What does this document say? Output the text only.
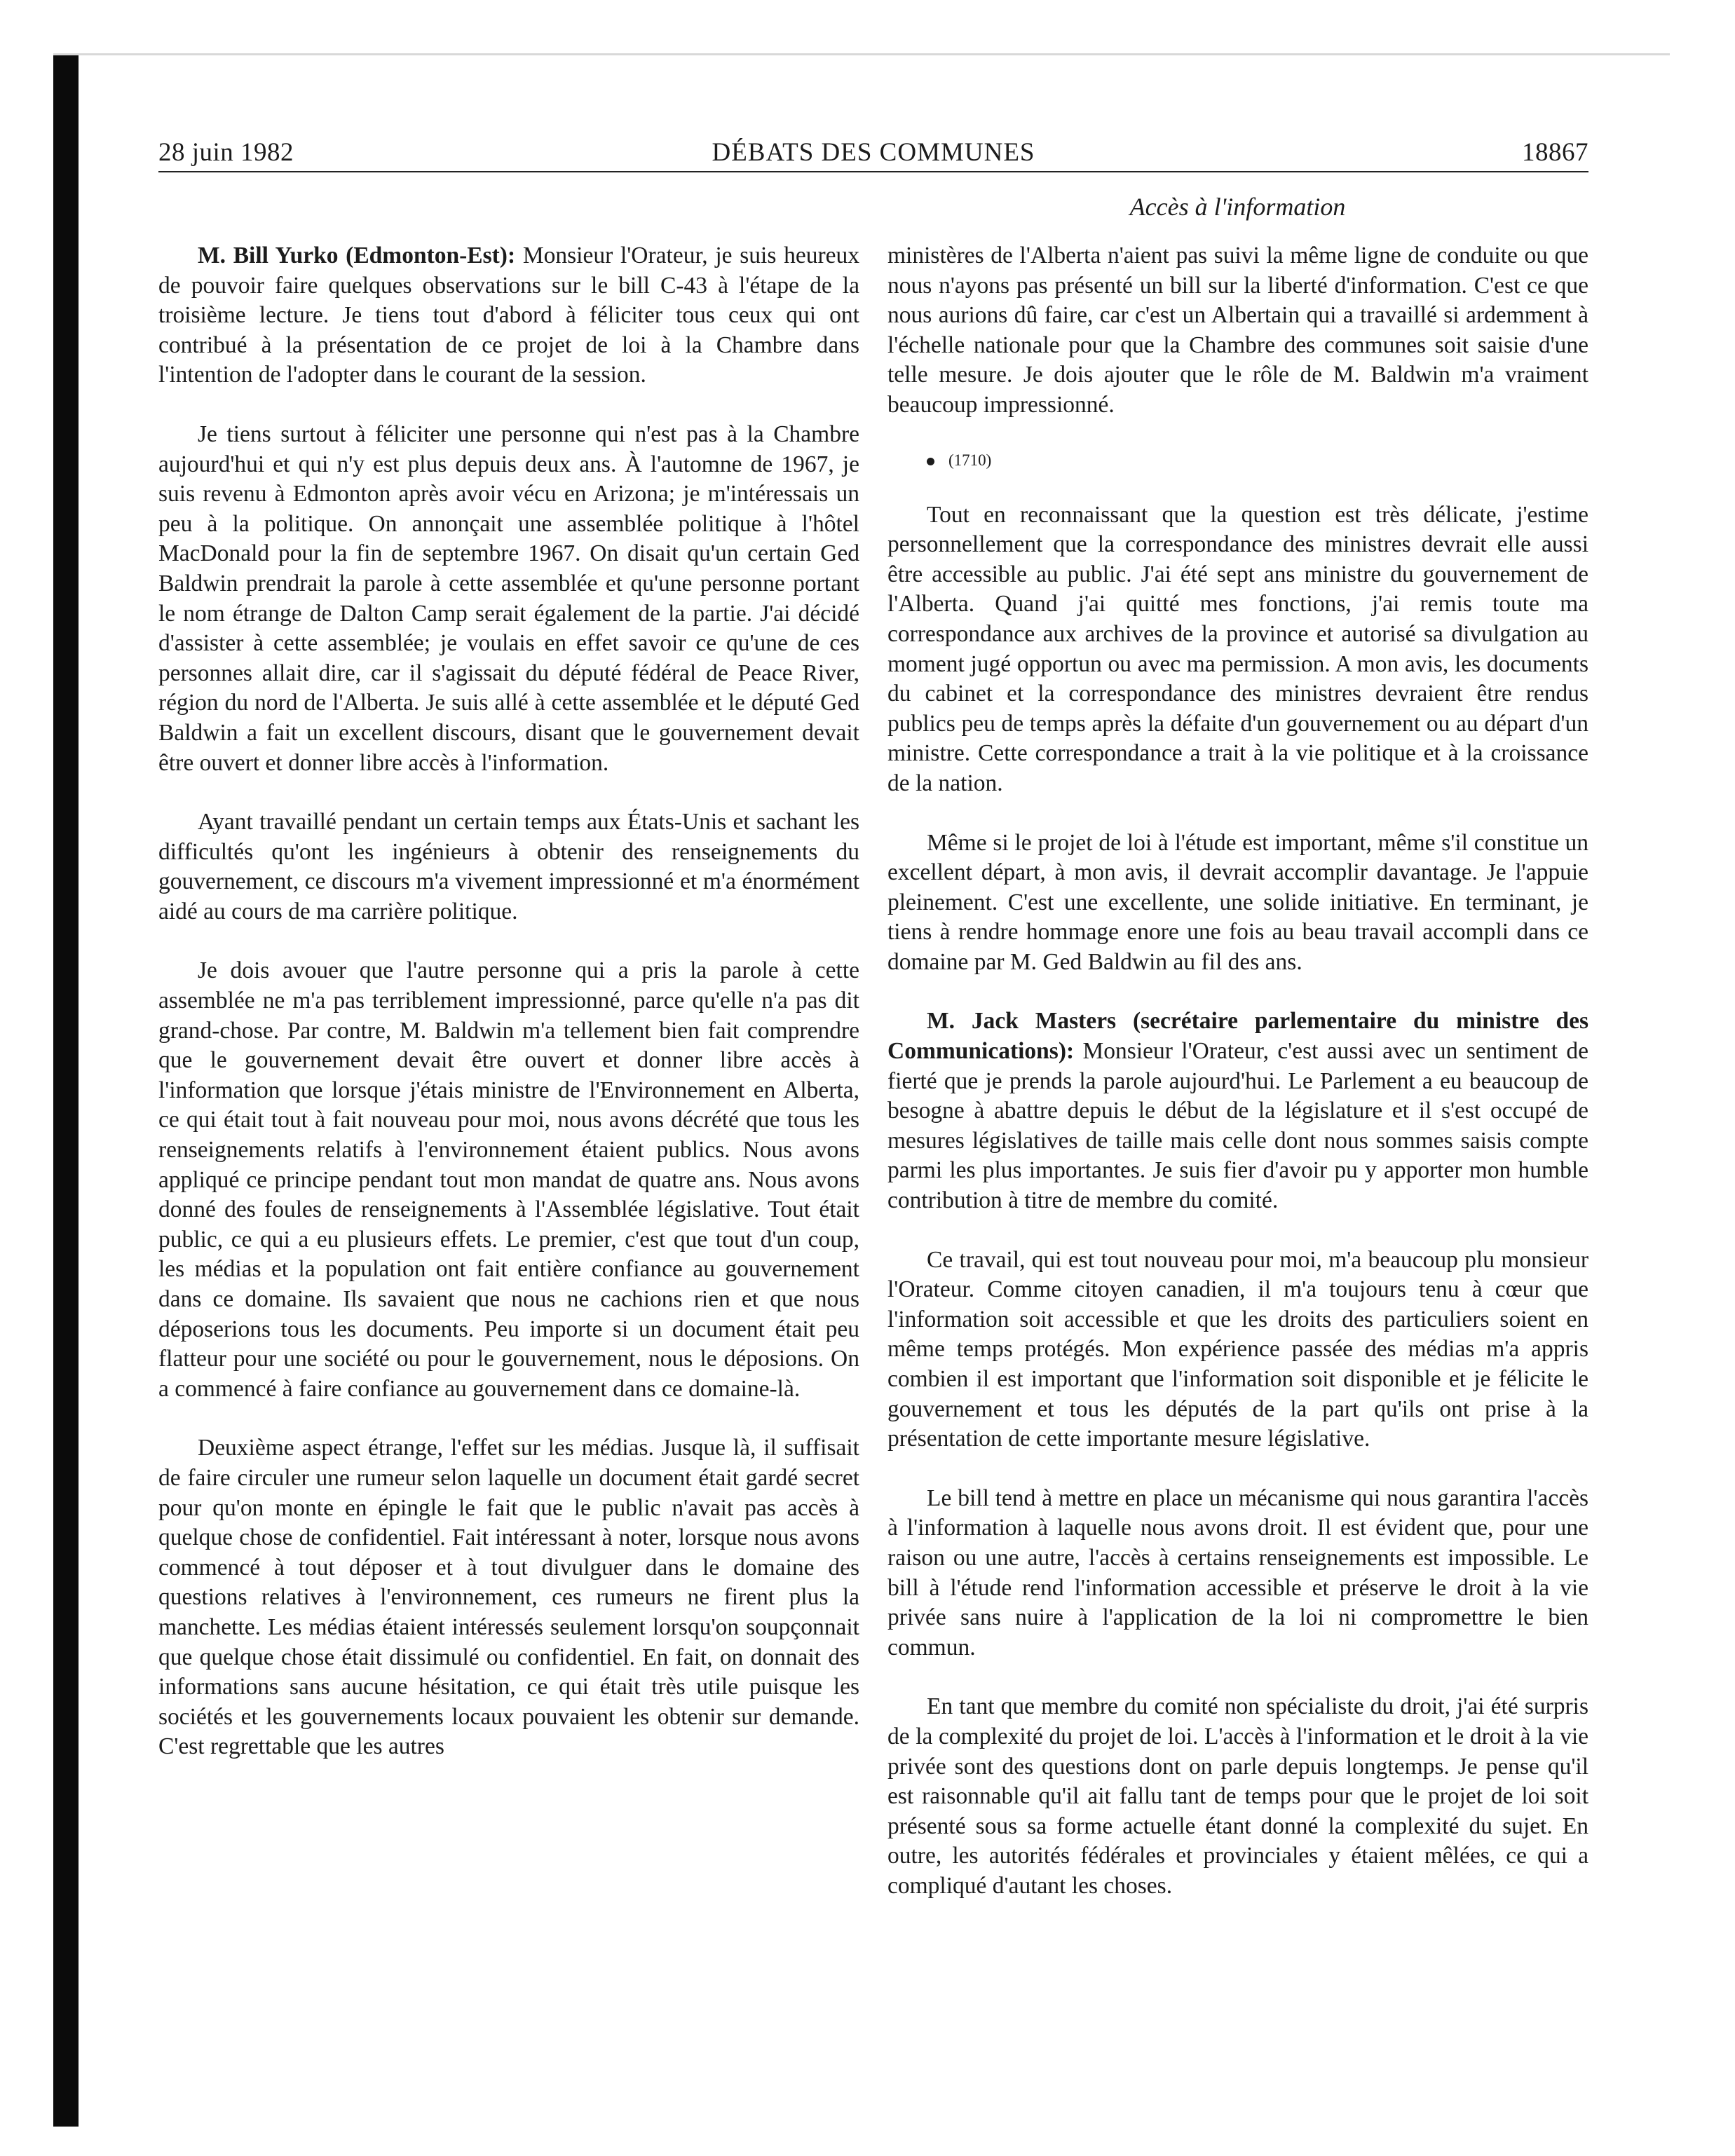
28 juin 1982	DÉBATS DES COMMUNES	18867
Accès à l'information

M. Bill Yurko (Edmonton-Est): Monsieur l'Orateur, je suis heureux de pouvoir faire quelques observations sur le bill C-43 à l'étape de la troisième lecture. Je tiens tout d'abord à féliciter tous ceux qui ont contribué à la présentation de ce projet de loi à la Chambre dans l'intention de l'adopter dans le courant de la session.

Je tiens surtout à féliciter une personne qui n'est pas à la Chambre aujourd'hui et qui n'y est plus depuis deux ans. À l'automne de 1967, je suis revenu à Edmonton après avoir vécu en Arizona; je m'intéressais un peu à la politique. On annonçait une assemblée politique à l'hôtel MacDonald pour la fin de septembre 1967. On disait qu'un certain Ged Baldwin prendrait la parole à cette assemblée et qu'une personne portant le nom étrange de Dalton Camp serait également de la partie. J'ai décidé d'assister à cette assemblée; je voulais en effet savoir ce qu'une de ces personnes allait dire, car il s'agissait du député fédéral de Peace River, région du nord de l'Alberta. Je suis allé à cette assemblée et le député Ged Baldwin a fait un excellent discours, disant que le gouvernement devait être ouvert et donner libre accès à l'information.

Ayant travaillé pendant un certain temps aux États-Unis et sachant les difficultés qu'ont les ingénieurs à obtenir des renseignements du gouvernement, ce discours m'a vivement impressionné et m'a énormément aidé au cours de ma carrière politique.

Je dois avouer que l'autre personne qui a pris la parole à cette assemblée ne m'a pas terriblement impressionné, parce qu'elle n'a pas dit grand-chose. Par contre, M. Baldwin m'a tellement bien fait comprendre que le gouvernement devait être ouvert et donner libre accès à l'information que lorsque j'étais ministre de l'Environnement en Alberta, ce qui était tout à fait nouveau pour moi, nous avons décrété que tous les renseignements relatifs à l'environnement étaient publics. Nous avons appliqué ce principe pendant tout mon mandat de quatre ans. Nous avons donné des foules de renseignements à l'Assemblée législative. Tout était public, ce qui a eu plusieurs effets. Le premier, c'est que tout d'un coup, les médias et la population ont fait entière confiance au gouvernement dans ce domaine. Ils savaient que nous ne cachions rien et que nous déposerions tous les documents. Peu importe si un document était peu flatteur pour une société ou pour le gouvernement, nous le déposions. On a commencé à faire confiance au gouvernement dans ce domaine-là.

Deuxième aspect étrange, l'effet sur les médias. Jusque là, il suffisait de faire circuler une rumeur selon laquelle un document était gardé secret pour qu'on monte en épingle le fait que le public n'avait pas accès à quelque chose de confidentiel. Fait intéressant à noter, lorsque nous avons commencé à tout déposer et à tout divulguer dans le domaine des questions relatives à l'environnement, ces rumeurs ne firent plus la manchette. Les médias étaient intéressés seulement lorsqu'on soupçonnait que quelque chose était dissimulé ou confidentiel. En fait, on donnait des informations sans aucune hésitation, ce qui était très utile puisque les sociétés et les gouvernements locaux pouvaient les obtenir sur demande. C'est regrettable que les autres

ministères de l'Alberta n'aient pas suivi la même ligne de conduite ou que nous n'ayons pas présenté un bill sur la liberté d'information. C'est ce que nous aurions dû faire, car c'est un Albertain qui a travaillé si ardemment à l'échelle nationale pour que la Chambre des communes soit saisie d'une telle mesure. Je dois ajouter que le rôle de M. Baldwin m'a vraiment beaucoup impressionné.

(1710)

Tout en reconnaissant que la question est très délicate, j'estime personnellement que la correspondance des ministres devrait elle aussi être accessible au public. J'ai été sept ans ministre du gouvernement de l'Alberta. Quand j'ai quitté mes fonctions, j'ai remis toute ma correspondance aux archives de la province et autorisé sa divulgation au moment jugé opportun ou avec ma permission. A mon avis, les documents du cabinet et la correspondance des ministres devraient être rendus publics peu de temps après la défaite d'un gouvernement ou au départ d'un ministre. Cette correspondance a trait à la vie politique et à la croissance de la nation.

Même si le projet de loi à l'étude est important, même s'il constitue un excellent départ, à mon avis, il devrait accomplir davantage. Je l'appuie pleinement. C'est une excellente, une solide initiative. En terminant, je tiens à rendre hommage enore une fois au beau travail accompli dans ce domaine par M. Ged Baldwin au fil des ans.

M. Jack Masters (secrétaire parlementaire du ministre des Communications): Monsieur l'Orateur, c'est aussi avec un sentiment de fierté que je prends la parole aujourd'hui. Le Parlement a eu beaucoup de besogne à abattre depuis le début de la législature et il s'est occupé de mesures législatives de taille mais celle dont nous sommes saisis compte parmi les plus importantes. Je suis fier d'avoir pu y apporter mon humble contribution à titre de membre du comité.

Ce travail, qui est tout nouveau pour moi, m'a beaucoup plu monsieur l'Orateur. Comme citoyen canadien, il m'a toujours tenu à cœur que l'information soit accessible et que les droits des particuliers soient en même temps protégés. Mon expérience passée des médias m'a appris combien il est important que l'information soit disponible et je félicite le gouvernement et tous les députés de la part qu'ils ont prise à la présentation de cette importante mesure législative.

Le bill tend à mettre en place un mécanisme qui nous garantira l'accès à l'information à laquelle nous avons droit. Il est évident que, pour une raison ou une autre, l'accès à certains renseignements est impossible. Le bill à l'étude rend l'information accessible et préserve le droit à la vie privée sans nuire à l'application de la loi ni compromettre le bien commun.

En tant que membre du comité non spécialiste du droit, j'ai été surpris de la complexité du projet de loi. L'accès à l'information et le droit à la vie privée sont des questions dont on parle depuis longtemps. Je pense qu'il est raisonnable qu'il ait fallu tant de temps pour que le projet de loi soit présenté sous sa forme actuelle étant donné la complexité du sujet. En outre, les autorités fédérales et provinciales y étaient mêlées, ce qui a compliqué d'autant les choses.
